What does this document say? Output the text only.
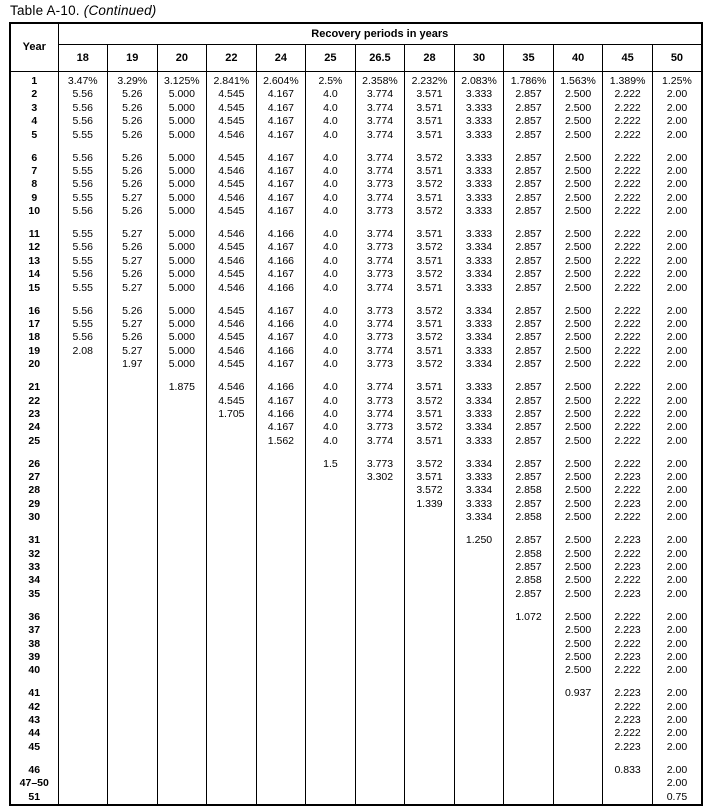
Table A-10. (Continued)
Year	Recovery periods in years												
	18	19	20	22	24	25	26.5	28	30	35	40	45	50

1	3.47%	3.29%	3.125%	2.841%	2.604%	2.5%	2.358%	2.232%	2.083%	1.786%	1.563%	1.389%	1.25%
2	5.56	5.26	5.000	4.545	4.167	4.0	3.774	3.571	3.333	2.857	2.500	2.222	2.00
3	5.56	5.26	5.000	4.545	4.167	4.0	3.774	3.571	3.333	2.857	2.500	2.222	2.00
4	5.56	5.26	5.000	4.545	4.167	4.0	3.774	3.571	3.333	2.857	2.500	2.222	2.00
5	5.55	5.26	5.000	4.546	4.167	4.0	3.774	3.571	3.333	2.857	2.500	2.222	2.00

6	5.56	5.26	5.000	4.545	4.167	4.0	3.774	3.572	3.333	2.857	2.500	2.222	2.00
7	5.55	5.26	5.000	4.546	4.167	4.0	3.774	3.571	3.333	2.857	2.500	2.222	2.00
8	5.56	5.26	5.000	4.545	4.167	4.0	3.773	3.572	3.333	2.857	2.500	2.222	2.00
9	5.55	5.27	5.000	4.546	4.167	4.0	3.774	3.571	3.333	2.857	2.500	2.222	2.00
10	5.56	5.26	5.000	4.545	4.167	4.0	3.773	3.572	3.333	2.857	2.500	2.222	2.00

11	5.55	5.27	5.000	4.546	4.166	4.0	3.774	3.571	3.333	2.857	2.500	2.222	2.00
12	5.56	5.26	5.000	4.545	4.167	4.0	3.773	3.572	3.334	2.857	2.500	2.222	2.00
13	5.55	5.27	5.000	4.546	4.166	4.0	3.774	3.571	3.333	2.857	2.500	2.222	2.00
14	5.56	5.26	5.000	4.545	4.167	4.0	3.773	3.572	3.334	2.857	2.500	2.222	2.00
15	5.55	5.27	5.000	4.546	4.166	4.0	3.774	3.571	3.333	2.857	2.500	2.222	2.00

16	5.56	5.26	5.000	4.545	4.167	4.0	3.773	3.572	3.334	2.857	2.500	2.222	2.00
17	5.55	5.27	5.000	4.546	4.166	4.0	3.774	3.571	3.333	2.857	2.500	2.222	2.00
18	5.56	5.26	5.000	4.545	4.167	4.0	3.773	3.572	3.334	2.857	2.500	2.222	2.00
19	2.08	5.27	5.000	4.546	4.166	4.0	3.774	3.571	3.333	2.857	2.500	2.222	2.00
20		1.97	5.000	4.545	4.167	4.0	3.773	3.572	3.334	2.857	2.500	2.222	2.00

21			1.875	4.546	4.166	4.0	3.774	3.571	3.333	2.857	2.500	2.222	2.00
22				4.545	4.167	4.0	3.773	3.572	3.334	2.857	2.500	2.222	2.00
23				1.705	4.166	4.0	3.774	3.571	3.333	2.857	2.500	2.222	2.00
24					4.167	4.0	3.773	3.572	3.334	2.857	2.500	2.222	2.00
25					1.562	4.0	3.774	3.571	3.333	2.857	2.500	2.222	2.00

26						1.5	3.773	3.572	3.334	2.857	2.500	2.222	2.00
27							3.302	3.571	3.333	2.857	2.500	2.223	2.00
28								3.572	3.334	2.858	2.500	2.222	2.00
29								1.339	3.333	2.857	2.500	2.223	2.00
30									3.334	2.858	2.500	2.222	2.00

31									1.250	2.857	2.500	2.223	2.00
32										2.858	2.500	2.222	2.00
33										2.857	2.500	2.223	2.00
34										2.858	2.500	2.222	2.00
35										2.857	2.500	2.223	2.00

36										1.072	2.500	2.222	2.00
37											2.500	2.223	2.00
38											2.500	2.222	2.00
39											2.500	2.223	2.00
40											2.500	2.222	2.00

41											0.937	2.223	2.00
42												2.222	2.00
43												2.223	2.00
44												2.222	2.00
45												2.223	2.00

46												0.833	2.00
47–50													2.00
51													0.75
